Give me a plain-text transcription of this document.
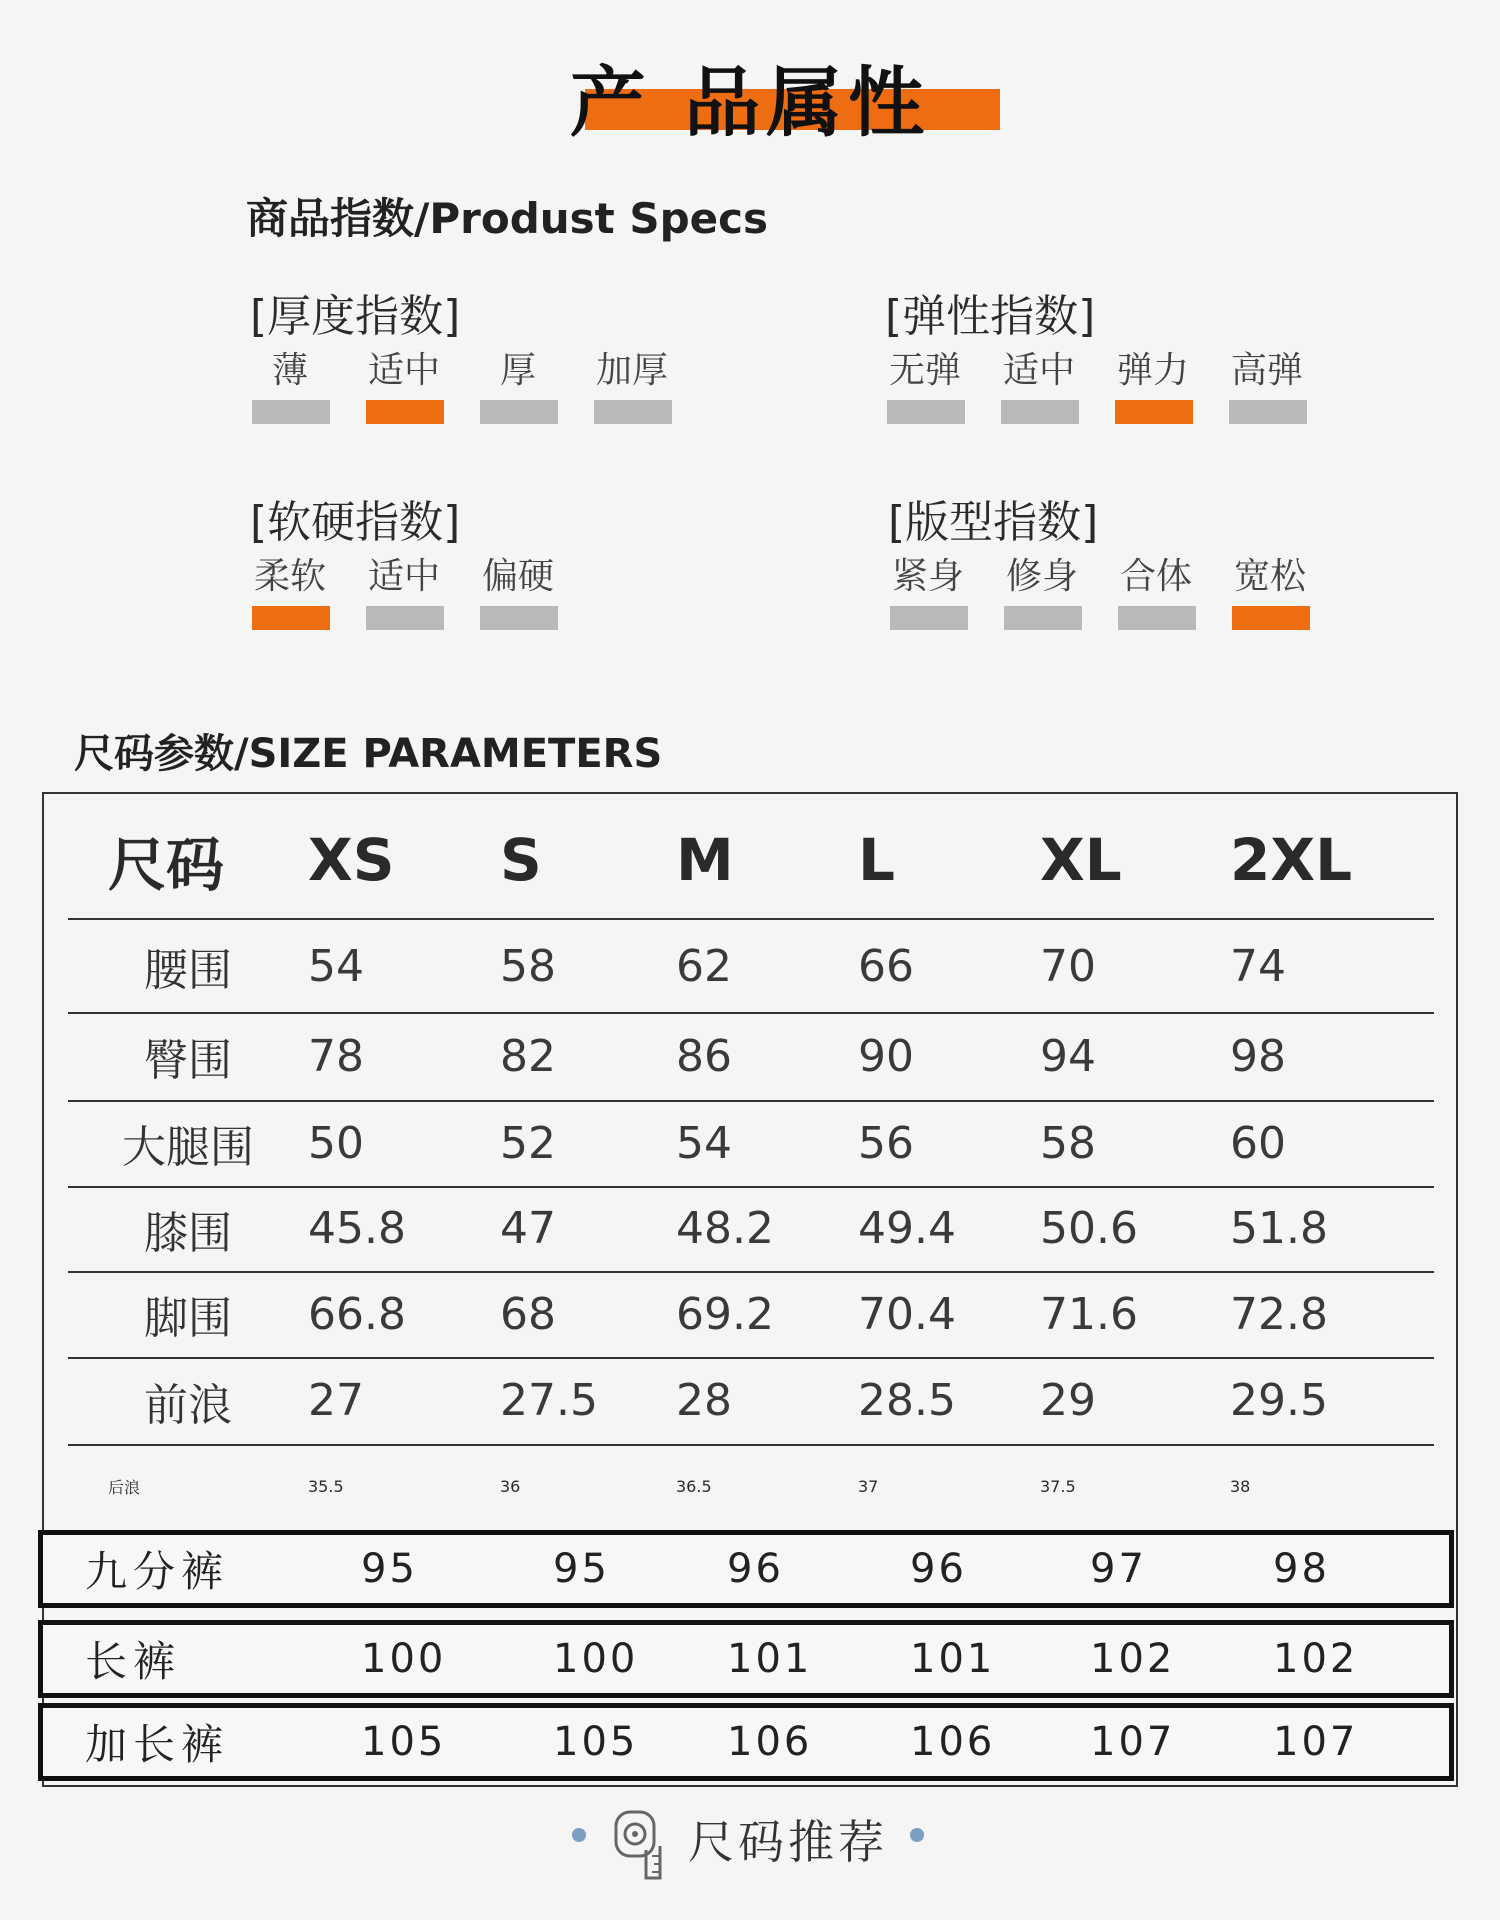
产 品属性
商品指数/Produst Specs
[厚度指数]
薄	适中	厚	加厚
[弹性指数]
无弹 适中 弹力 高弹
[软硬指数]
柔软 适中 偏硬
[版型指数]
紧身 修身 合体 宽松
尺码参数/SIZE PARAMETERS
尺码	XS	S	M	L	XL	2XL
腰围	54	58	62	66	70	74
臀围	78	82	86	90	94	98
大腿围	50	52	54	56	58	60
膝围	45.8	47	48.2	49.4	50.6	51.8
脚围	66.8	68	69.2	70.4	71.6	72.8
前浪	27	27.5	28	28.5	29	29.5
后浪	35.5	36	36.5	37	37.5	38
九分裤	95	95	96	96	97	98
长裤	100	100 101 101 102 102
加长裤	105	105 106 106 107 107
尺码推荐
